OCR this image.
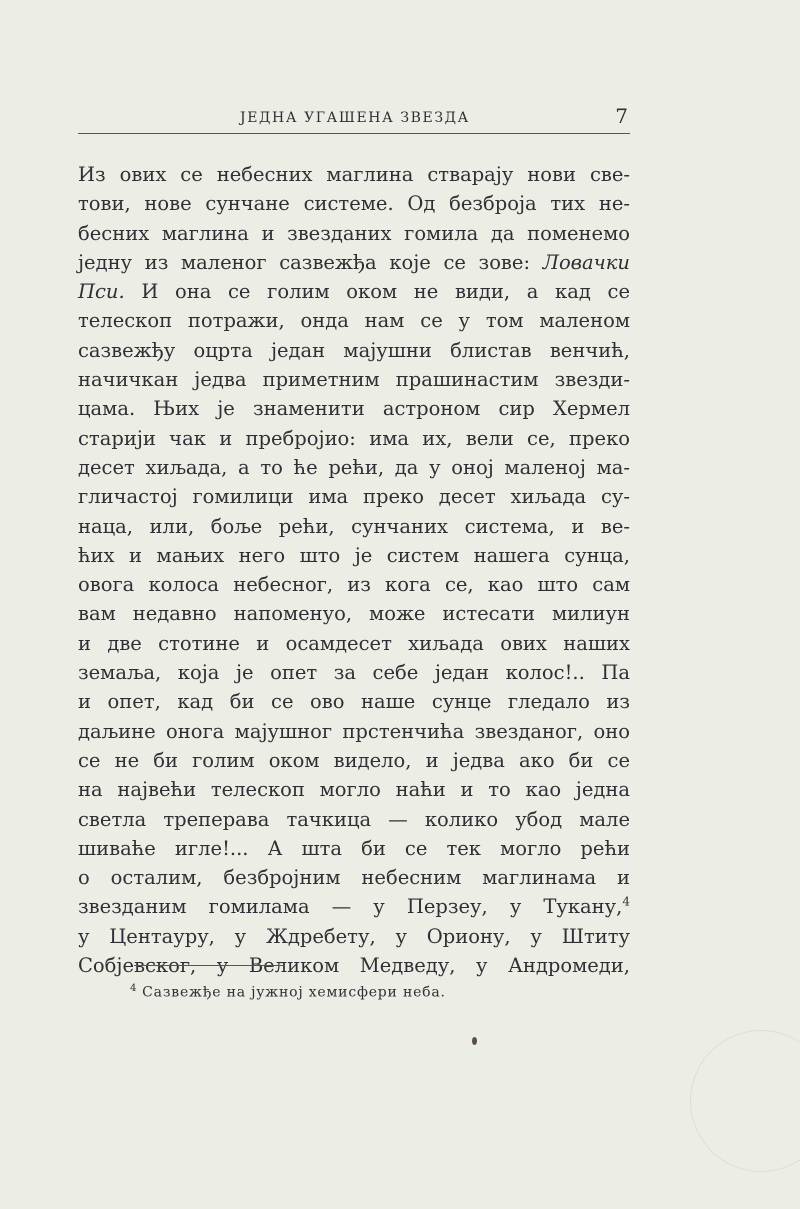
ЈЕДНА УГАШЕНА ЗВЕЗДА	7
Из ових се небесних маглина стварају нови све-
тови, нове сунчане системе. Од безброја тих не-
бесних маглина и звезданих гомила да поменемо
једну из маленог сазвежђа које се зове: Ловачки
Пси. И она се голим оком не види, а кад се
телескоп потражи, онда нам се у том маленом
сазвежђу оцрта један мајушни блистав венчић,
начичкан једва приметним прашинастим звезди-
цама. Њих је знаменити астроном сир Хермел
старији чак и пребројио: има их, вели се, преко
десет хиљада, а то ће рећи, да у оној маленој ма-
гличастој гомилици има преко десет хиљада су-
наца, или, боље рећи, сунчаних система, и ве-
ћих и мањих него што је систем нашега сунца,
овога колоса небесног, из кога се, као што сам
вам недавно напоменуо, може истесати милиун
и две стотине и осамдесет хиљада ових наших
земаља, која је опет за себе један колос!.. Па
и опет, кад би се ово наше сунце гледало из
даљине онога мајушног прстенчића звезданог, оно
се не би голим оком видело, и једва ако би се
на највећи телескоп могло наћи и то као једна
светла треперава тачкица — колико убод мале
шиваће игле!... А шта би се тек могло рећи
о осталим, безбројним небесним маглинама и
звезданим гомилама — у Перзеу, у Тукану,$^4$
у Центауру, у Ждребету, у Ориону, у Штиту
Собјевског, у Великом Медведу, у Андромеди,
$^4$ Сазвежђе на јужној хемисфери неба.
